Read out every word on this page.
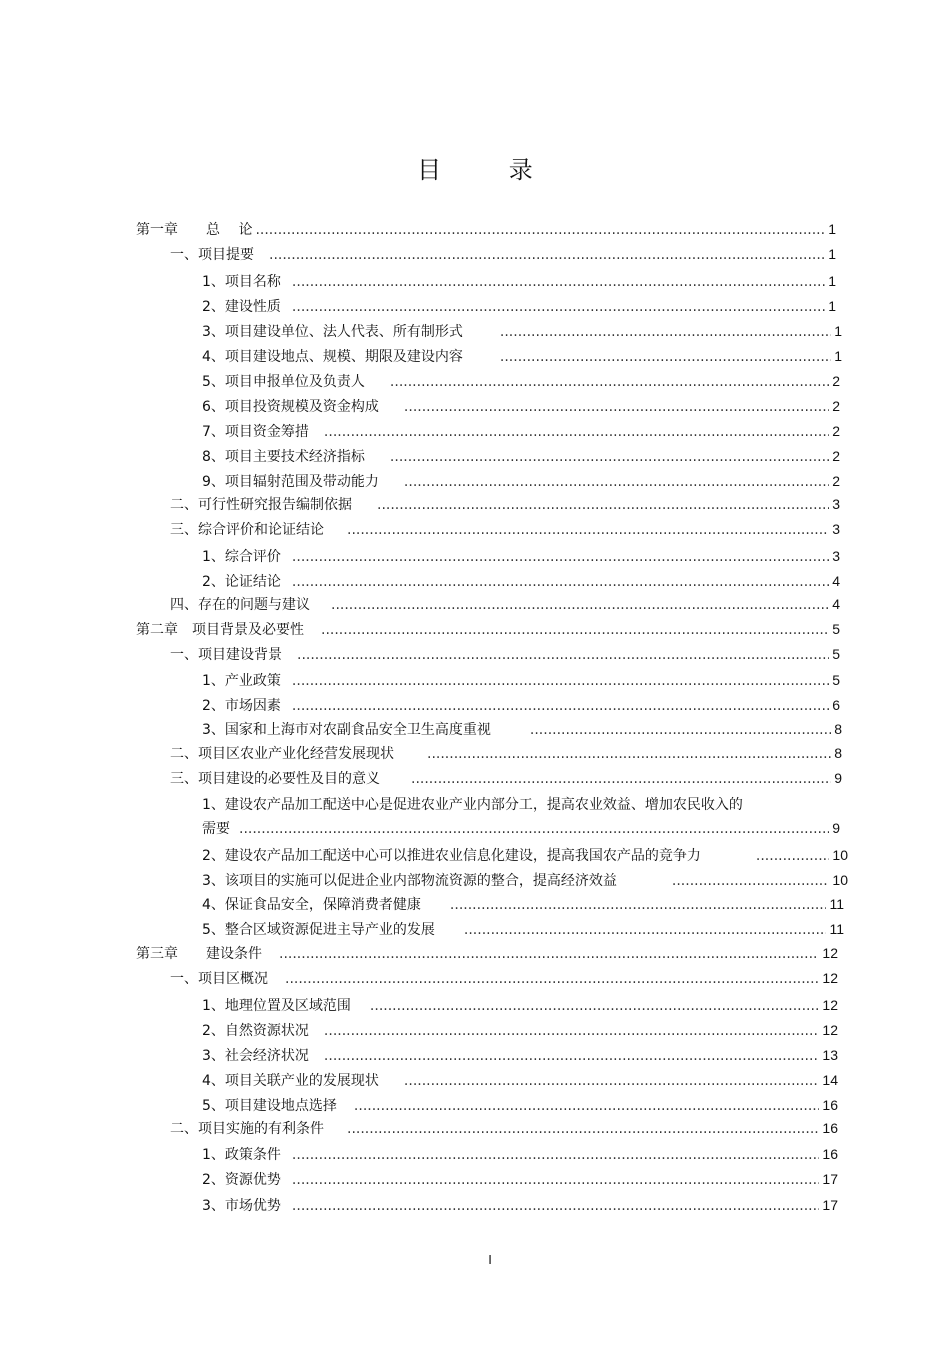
目 录
第一章　　总　 论 .....	1
一、项目提要 .....	1
1、项目名称 .....	1
2、建设性质 .....	1
3、项目建设单位、法人代表、所有制形式 .....	1
4、项目建设地点、规模、期限及建设内容 .....	1
5、项目申报单位及负责人 .....	2
6、项目投资规模及资金构成 .....	2
7、项目资金筹措 .....	2
8、项目主要技术经济指标 .....	2
9、项目辐射范围及带动能力 .....	2
二、可行性研究报告编制依据 .....	3
三、综合评价和论证结论 .....	3
1、综合评价 .....	3
2、论证结论 .....	4
四、存在的问题与建议 .....	4
第二章　项目背景及必要性 .....	5
一、项目建设背景 .....	5
1、产业政策 .....	5
2、市场因素 .....	6
3、国家和上海市对农副食品安全卫生高度重视 .....	8
二、项目区农业产业化经营发展现状 .....	8
三、项目建设的必要性及目的意义 .....	9
1、建设农产品加工配送中心是促进农业产业内部分工，提高农业效益、增加农民收入的
需要 .....	9
2、建设农产品加工配送中心可以推进农业信息化建设，提高我国农产品的竞争力 .....	10
3、该项目的实施可以促进企业内部物流资源的整合，提高经济效益 .....	10
4、保证食品安全，保障消费者健康 .....	11
5、整合区域资源促进主导产业的发展 .....	11
第三章　　建设条件 .....	12
一、项目区概况 .....	12
1、地理位置及区域范围 .....	12
2、自然资源状况 .....	12
3、社会经济状况 .....	13
4、项目关联产业的发展现状 .....	14
5、项目建设地点选择 .....	16
二、项目实施的有利条件 .....	16
1、政策条件 .....	16
2、资源优势 .....	17
3、市场优势 .....	17
I
